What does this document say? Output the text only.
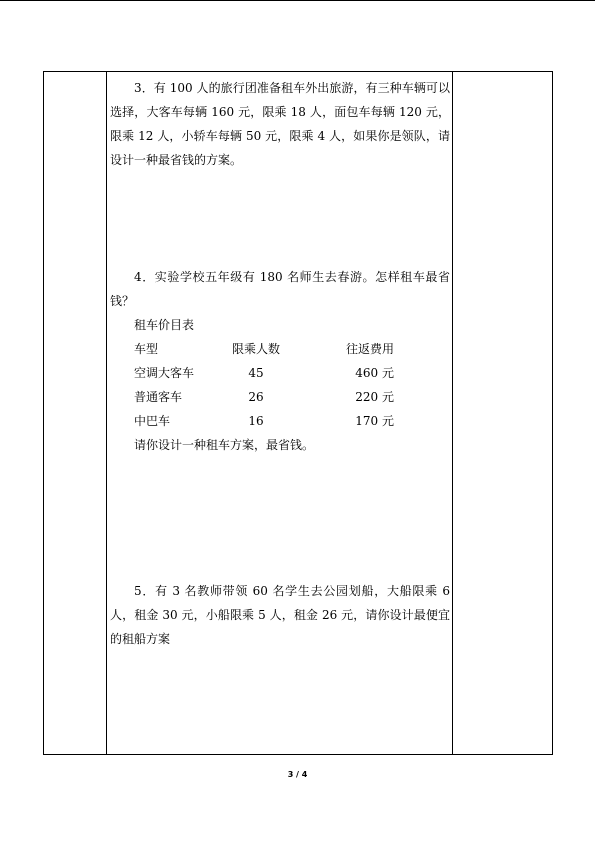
3．有 100 人的旅行团准备租车外出旅游，有三种车辆可以选择，大客车每辆 160 元，限乘 18 人，面包车每辆 120 元，限乘 12 人，小轿车每辆 50 元，限乘 4 人，如果你是领队，请设计一种最省钱的方案。

4．实验学校五年级有 180 名师生去春游。怎样租车最省钱？

租车价目表

车型	限乘人数	往返费用
空调大客车	45	460 元
普通客车	26	220 元
中巴车	16	170 元

请你设计一种租车方案，最省钱。

5．有 3 名教师带领 60 名学生去公园划船，大船限乘 6 人，租金 30 元，小船限乘 5 人，租金 26 元，请你设计最便宜的租船方案

3 / 4
